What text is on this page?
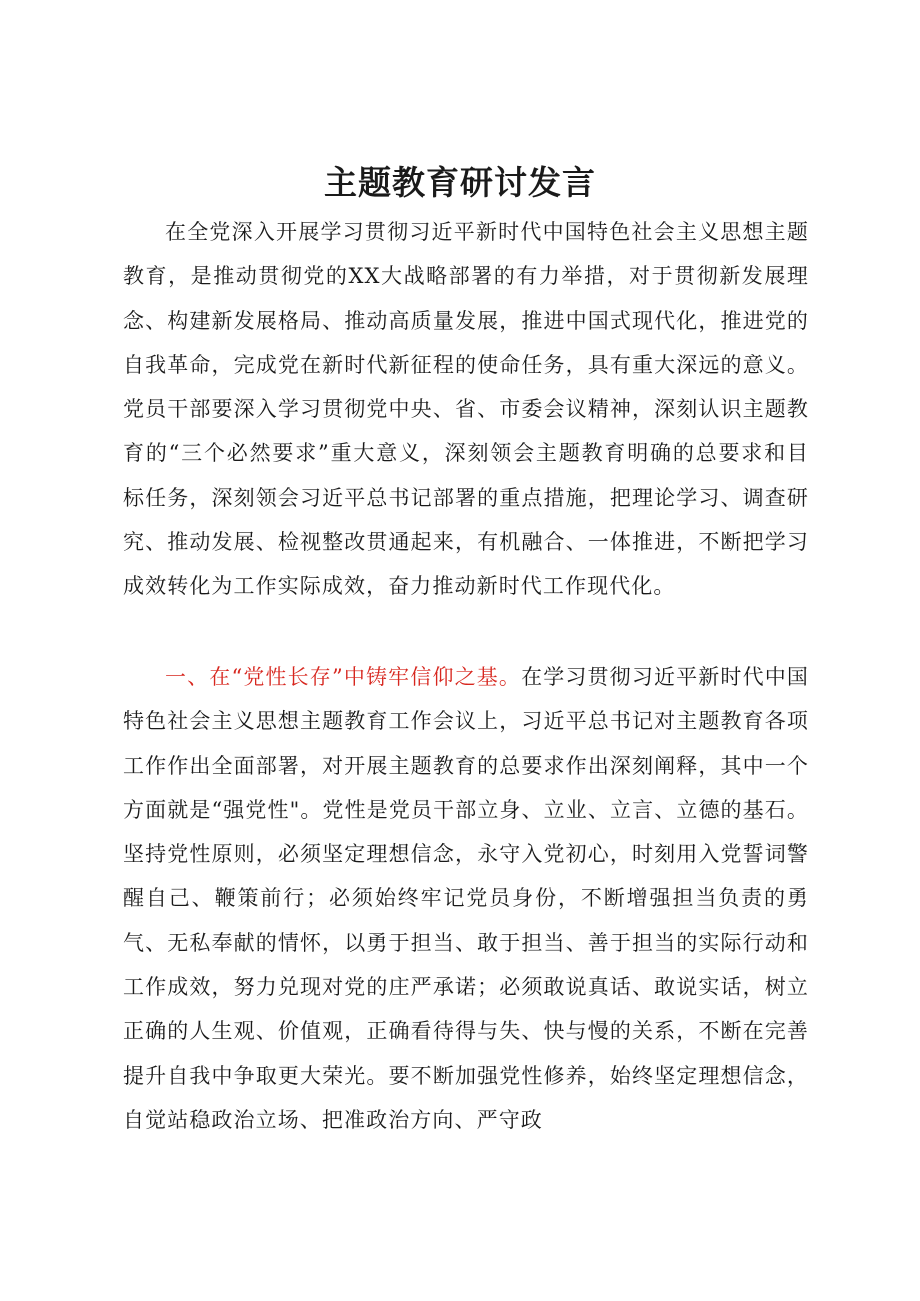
主题教育研讨发言

在全党深入开展学习贯彻习近平新时代中国特色社会主义思想主题教育，是推动贯彻党的XX大战略部署的有力举措，对于贯彻新发展理念、构建新发展格局、推动高质量发展，推进中国式现代化，推进党的自我革命，完成党在新时代新征程的使命任务，具有重大深远的意义。党员干部要深入学习贯彻党中央、省、市委会议精神，深刻认识主题教育的“三个必然要求”重大意义，深刻领会主题教育明确的总要求和目标任务，深刻领会习近平总书记部署的重点措施，把理论学习、调查研究、推动发展、检视整改贯通起来，有机融合、一体推进，不断把学习成效转化为工作实际成效，奋力推动新时代工作现代化。

一、在“党性长存”中铸牢信仰之基。在学习贯彻习近平新时代中国特色社会主义思想主题教育工作会议上，习近平总书记对主题教育各项工作作出全面部署，对开展主题教育的总要求作出深刻阐释，其中一个方面就是“强党性"。党性是党员干部立身、立业、立言、立德的基石。坚持党性原则，必须坚定理想信念，永守入党初心，时刻用入党誓词警醒自己、鞭策前行；必须始终牢记党员身份，不断增强担当负责的勇气、无私奉献的情怀，以勇于担当、敢于担当、善于担当的实际行动和工作成效，努力兑现对党的庄严承诺；必须敢说真话、敢说实话，树立正确的人生观、价值观，正确看待得与失、快与慢的关系，不断在完善提升自我中争取更大荣光。要不断加强党性修养，始终坚定理想信念，自觉站稳政治立场、把准政治方向、严守政
